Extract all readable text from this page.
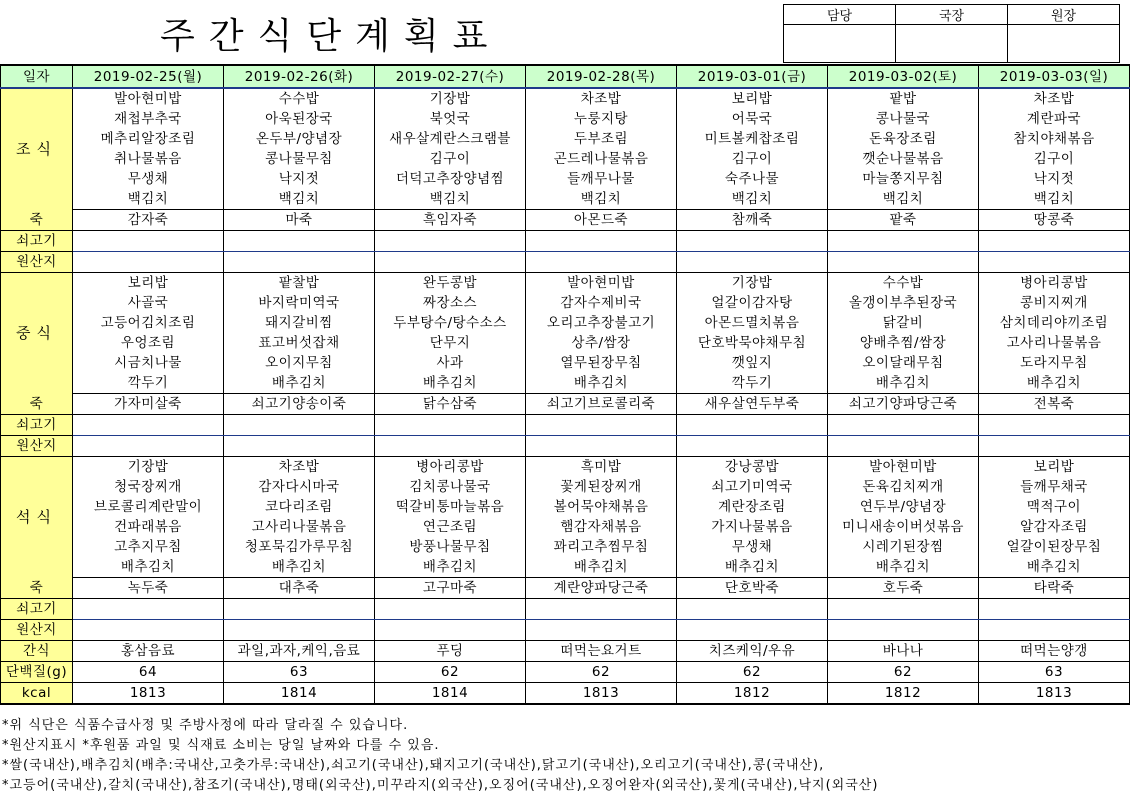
주간식단계획표	담당	국장	원장

일자	2019-02-25(월)	2019-02-26(화)	2019-02-27(수)	2019-02-28(목)	2019-03-01(금)	2019-03-02(토)	2019-03-03(일)
조식	발아현미밥	수수밥	기장밥	차조밥	보리밥	팥밥	차조밥
	재첩부추국	아욱된장국	북엇국	누룽지탕	어묵국	콩나물국	계란파국
	메추리알장조림	온두부/양념장	새우살계란스크램블	두부조림	미트볼케찹조림	돈육장조림	참치야채볶음
	취나물볶음	콩나물무침	김구이	곤드레나물볶음	김구이	깻순나물볶음	김구이
	무생채	낙지젓	더덕고추장양념찜	들깨무나물	숙주나물	마늘쫑지무침	낙지젓
	백김치	백김치	백김치	백김치	백김치	백김치	백김치
죽	감자죽	마죽	흑임자죽	아몬드죽	참깨죽	팥죽	땅콩죽
쇠고기							
원산지							
중식	보리밥	팥찰밥	완두콩밥	발아현미밥	기장밥	수수밥	병아리콩밥
	사골국	바지락미역국	짜장소스	감자수제비국	얼갈이감자탕	올갱이부추된장국	콩비지찌개
	고등어김치조림	돼지갈비찜	두부탕수/탕수소스	오리고추장불고기	아몬드멸치볶음	닭갈비	삼치데리야끼조림
	우엉조림	표고버섯잡채	단무지	상추/쌈장	단호박묵야채무침	양배추찜/쌈장	고사리나물볶음
	시금치나물	오이지무침	사과	열무된장무침	깻잎지	오이달래무침	도라지무침
	깍두기	배추김치	배추김치	배추김치	깍두기	배추김치	배추김치
죽	가자미살죽	쇠고기양송이죽	닭수삼죽	쇠고기브로콜리죽	새우살연두부죽	쇠고기양파당근죽	전복죽
쇠고기							
원산지							
석식	기장밥	차조밥	병아리콩밥	흑미밥	강낭콩밥	발아현미밥	보리밥
	청국장찌개	감자다시마국	김치콩나물국	꽃게된장찌개	쇠고기미역국	돈육김치찌개	들깨무채국
	브로콜리계란말이	코다리조림	떡갈비통마늘볶음	볼어묵야채볶음	계란장조림	연두부/양념장	맥적구이
	건파래볶음	고사리나물볶음	연근조림	햄감자채볶음	가지나물볶음	미니새송이버섯볶음	알감자조림
	고추지무침	청포묵김가루무침	방풍나물무침	꽈리고추찜무침	무생채	시레기된장찜	얼갈이된장무침
	배추김치	배추김치	배추김치	배추김치	배추김치	배추김치	배추김치
죽	녹두죽	대추죽	고구마죽	계란양파당근죽	단호박죽	호두죽	타락죽
쇠고기							
원산지							
간식	홍삼음료	과일,과자,케익,음료	푸딩	떠먹는요거트	치즈케익/우유	바나나	떠먹는양갱
단백질(g)	64	63	62	62	62	62	63
kcal	1813	1814	1814	1813	1812	1812	1813
*위 식단은 식품수급사정 및 주방사정에 따라 달라질 수 있습니다.
*원산지표시 *후원품 과일 및 식재료 소비는 당일 날짜와 다를 수 있음.
*쌀(국내산),배추김치(배추:국내산,고춧가루:국내산),쇠고기(국내산),돼지고기(국내산),닭고기(국내산),오리고기(국내산),콩(국내산),
*고등어(국내산),갈치(국내산),참조기(국내산),명태(외국산),미꾸라지(외국산),오징어(국내산),오징어완자(외국산),꽃게(국내산),낙지(외국산)
